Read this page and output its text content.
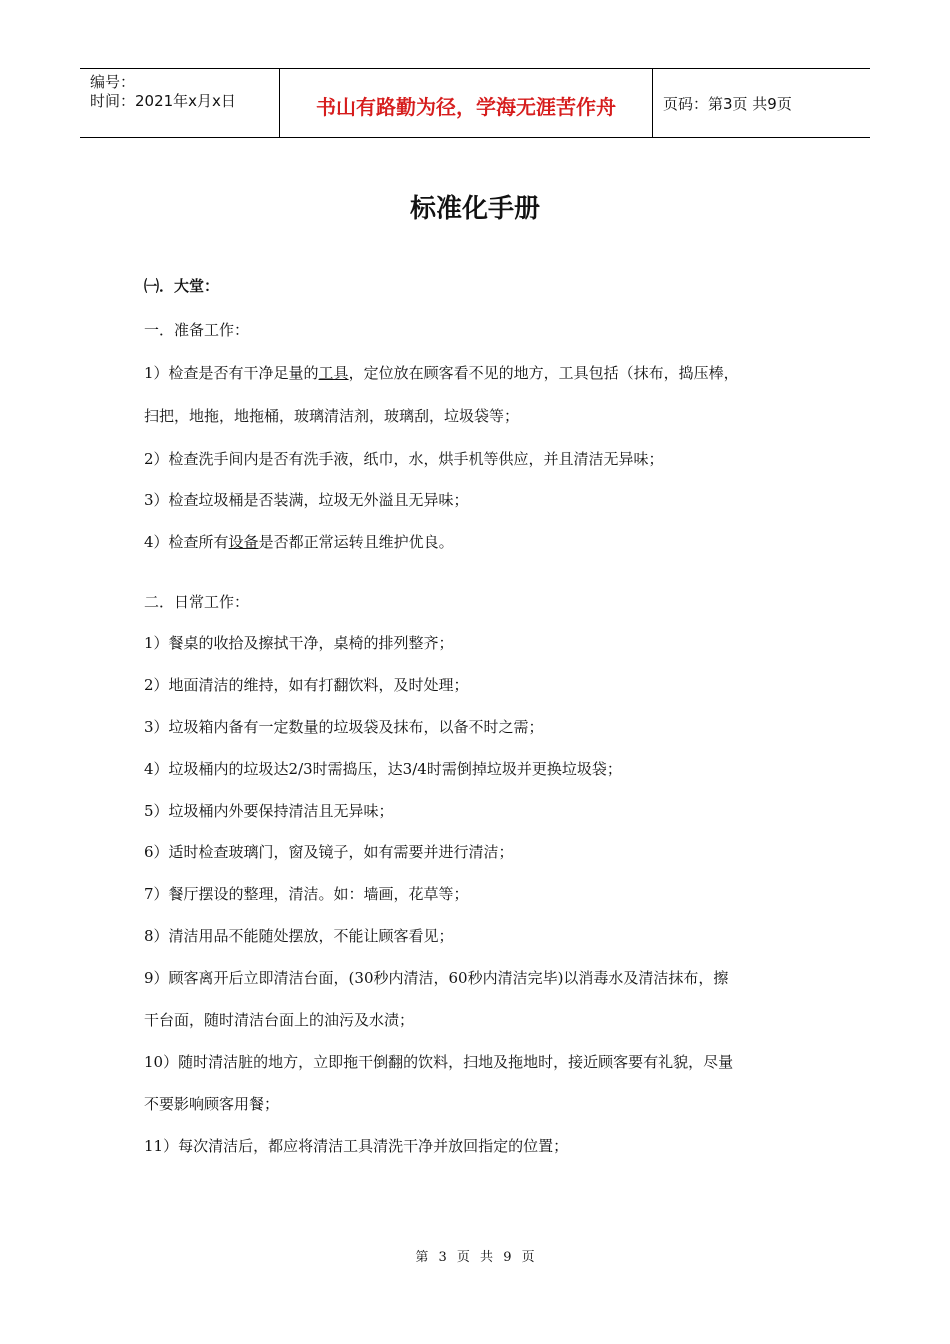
编号：
时间：2021年x月x日	书山有路勤为径，学海无涯苦作舟	页码：第3页 共9页
标准化手册

㈠．大堂：

一．准备工作：

1）检查是否有干净足量的工具，定位放在顾客看不见的地方，工具包括（抹布，捣压棒，

扫把，地拖，地拖桶，玻璃清洁剂，玻璃刮，垃圾袋等；

2）检查洗手间内是否有洗手液，纸巾，水，烘手机等供应，并且清洁无异味；

3）检查垃圾桶是否装满，垃圾无外溢且无异味；

4）检查所有设备是否都正常运转且维护优良。

二．日常工作：

1）餐桌的收拾及擦拭干净，桌椅的排列整齐；

2）地面清洁的维持，如有打翻饮料，及时处理；

3）垃圾箱内备有一定数量的垃圾袋及抹布，以备不时之需；

4）垃圾桶内的垃圾达2/3时需捣压，达3/4时需倒掉垃圾并更换垃圾袋；

5）垃圾桶内外要保持清洁且无异味；

6）适时检查玻璃门，窗及镜子，如有需要并进行清洁；

7）餐厅摆设的整理，清洁。如：墙画，花草等；

8）清洁用品不能随处摆放，不能让顾客看见；

9）顾客离开后立即清洁台面，(30秒内清洁，60秒内清洁完毕)以消毒水及清洁抹布，擦

干台面，随时清洁台面上的油污及水渍；

10）随时清洁脏的地方，立即拖干倒翻的饮料，扫地及拖地时，接近顾客要有礼貌，尽量

不要影响顾客用餐；

11）每次清洁后，都应将清洁工具清洗干净并放回指定的位置；

第 3 页 共 9 页
